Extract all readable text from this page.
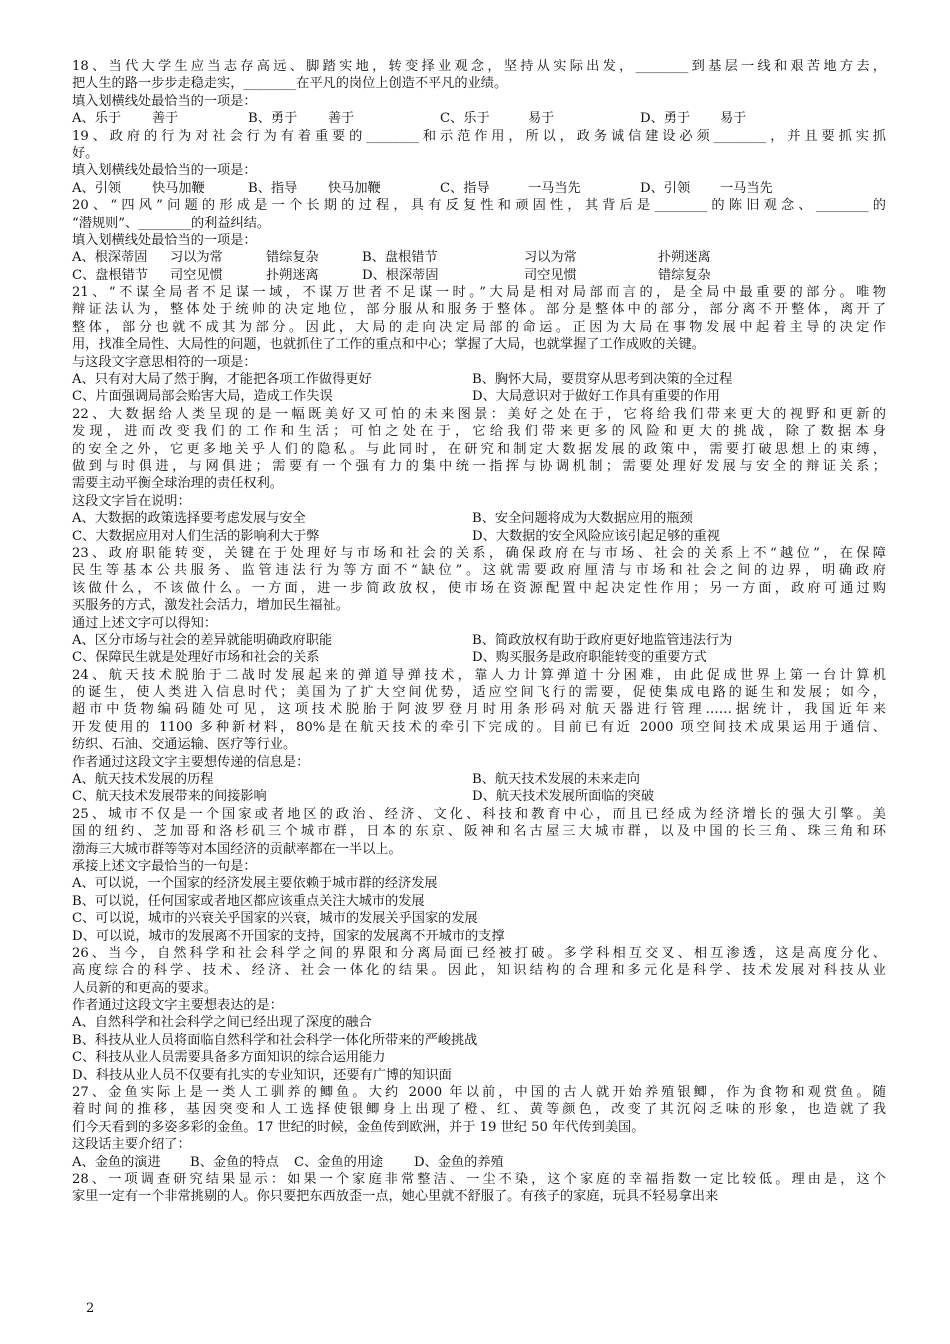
18、当代大学生应当志存高远、脚踏实地，转变择业观念，坚持从实际出发，________到基层一线和艰苦地方去，
把人生的路一步步走稳走实，________在平凡的岗位上创造不平凡的业绩。
填入划横线处最恰当的一项是：
A、乐于	善于	B、勇于	善于	C、乐于	易于	D、勇于	易于
19、政府的行为对社会行为有着重要的________和示范作用，所以，政务诚信建设必须________，并且要抓实抓
好。
填入划横线处最恰当的一项是：
A、引领	快马加鞭	B、指导	快马加鞭	C、指导	一马当先	D、引领	一马当先
20、“四风”问题的形成是一个长期的过程，具有反复性和顽固性，其背后是________的陈旧观念、________的
“潜规则”、________的利益纠结。
填入划横线处最恰当的一项是：
A、根深蒂固	习以为常	错综复杂	B、盘根错节	习以为常	扑朔迷离
C、盘根错节	司空见惯	扑朔迷离	D、根深蒂固	司空见惯	错综复杂
21、“不谋全局者不足谋一域，不谋万世者不足谋一时。”大局是相对局部而言的，是全局中最重要的部分。唯物
辩证法认为，整体处于统帅的决定地位，部分服从和服务于整体。部分是整体中的部分，部分离不开整体，离开了
整体，部分也就不成其为部分。因此，大局的走向决定局部的命运。正因为大局在事物发展中起着主导的决定作
用，找准全局性、大局性的问题，也就抓住了工作的重点和中心；掌握了大局，也就掌握了工作成败的关键。
与这段文字意思相符的一项是：
A、只有对大局了然于胸，才能把各项工作做得更好	B、胸怀大局，要贯穿从思考到决策的全过程
C、片面强调局部会贻害大局，造成工作失误	D、大局意识对于做好工作具有重要的作用
22、大数据给人类呈现的是一幅既美好又可怕的未来图景：美好之处在于，它将给我们带来更大的视野和更新的
发现，进而改变我们的工作和生活；可怕之处在于，它给我们带来更多的风险和更大的挑战，除了数据本身
的安全之外，它更多地关乎人们的隐私。与此同时，在研究和制定大数据发展的政策中，需要打破思想上的束缚，
做到与时俱进，与网俱进；需要有一个强有力的集中统一指挥与协调机制；需要处理好发展与安全的辩证关系；
需要主动平衡全球治理的责任权利。
这段文字旨在说明：
A、大数据的政策选择要考虑发展与安全	B、安全问题将成为大数据应用的瓶颈
C、大数据应用对人们生活的影响利大于弊	D、大数据的安全风险应该引起足够的重视
23、政府职能转变，关键在于处理好与市场和社会的关系，确保政府在与市场、社会的关系上不“越位”，在保障
民生等基本公共服务、监管违法行为等方面不“缺位”。这就需要政府厘清与市场和社会之间的边界，明确政府
该做什么，不该做什么。一方面，进一步简政放权，使市场在资源配置中起决定性作用；另一方面，政府可通过购
买服务的方式，激发社会活力，增加民生福祉。
通过上述文字可以得知：
A、区分市场与社会的差异就能明确政府职能	B、简政放权有助于政府更好地监管违法行为
C、保障民生就是处理好市场和社会的关系	D、购买服务是政府职能转变的重要方式
24、航天技术脱胎于二战时发展起来的弹道导弹技术，靠人力计算弹道十分困难，由此促成世界上第一台计算机
的诞生，使人类进入信息时代；美国为了扩大空间优势，适应空间飞行的需要，促使集成电路的诞生和发展；如今，
超市中货物编码随处可见，这项技术脱胎于阿波罗登月时用条形码对航天器进行管理……据统计，我国近年来
开发使用的 1100 多种新材料，80%是在航天技术的牵引下完成的。目前已有近 2000 项空间技术成果运用于通信、
纺织、石油、交通运输、医疗等行业。
作者通过这段文字主要想传递的信息是：
A、航天技术发展的历程	B、航天技术发展的未来走向
C、航天技术发展带来的间接影响	D、航天技术发展所面临的突破
25、城市不仅是一个国家或者地区的政治、经济、文化、科技和教育中心，而且已经成为经济增长的强大引擎。美
国的纽约、芝加哥和洛杉矶三个城市群，日本的东京、阪神和名古屋三大城市群，以及中国的长三角、珠三角和环
渤海三大城市群等等对本国经济的贡献率都在一半以上。
承接上述文字最恰当的一句是：
A、可以说，一个国家的经济发展主要依赖于城市群的经济发展
B、可以说，任何国家或者地区都应该重点关注大城市的发展
C、可以说，城市的兴衰关乎国家的兴衰，城市的发展关乎国家的发展
D、可以说，城市的发展离不开国家的支持，国家的发展离不开城市的支撑
26、当今，自然科学和社会科学之间的界限和分离局面已经被打破。多学科相互交叉、相互渗透，这是高度分化、
高度综合的科学、技术、经济、社会一体化的结果。因此，知识结构的合理和多元化是科学、技术发展对科技从业
人员新的和更高的要求。
作者通过这段文字主要想表达的是：
A、自然科学和社会科学之间已经出现了深度的融合
B、科技从业人员将面临自然科学和社会科学一体化所带来的严峻挑战
C、科技从业人员需要具备多方面知识的综合运用能力
D、科技从业人员不仅要有扎实的专业知识，还要有广博的知识面
27、金鱼实际上是一类人工驯养的鲫鱼。大约 2000 年以前，中国的古人就开始养殖银鲫，作为食物和观赏鱼。随
着时间的推移，基因突变和人工选择使银鲫身上出现了橙、红、黄等颜色，改变了其沉闷乏味的形象，也造就了我
们今天看到的多姿多彩的金鱼。17 世纪的时候，金鱼传到欧洲，并于 19 世纪 50 年代传到美国。
这段话主要介绍了：
A、金鱼的演进	B、金鱼的特点	C、金鱼的用途	D、金鱼的养殖
28、一项调查研究结果显示：如果一个家庭非常整洁、一尘不染，这个家庭的幸福指数一定比较低。理由是，这个
家里一定有一个非常挑剔的人。你只要把东西放歪一点，她心里就不舒服了。有孩子的家庭，玩具不轻易拿出来
2
